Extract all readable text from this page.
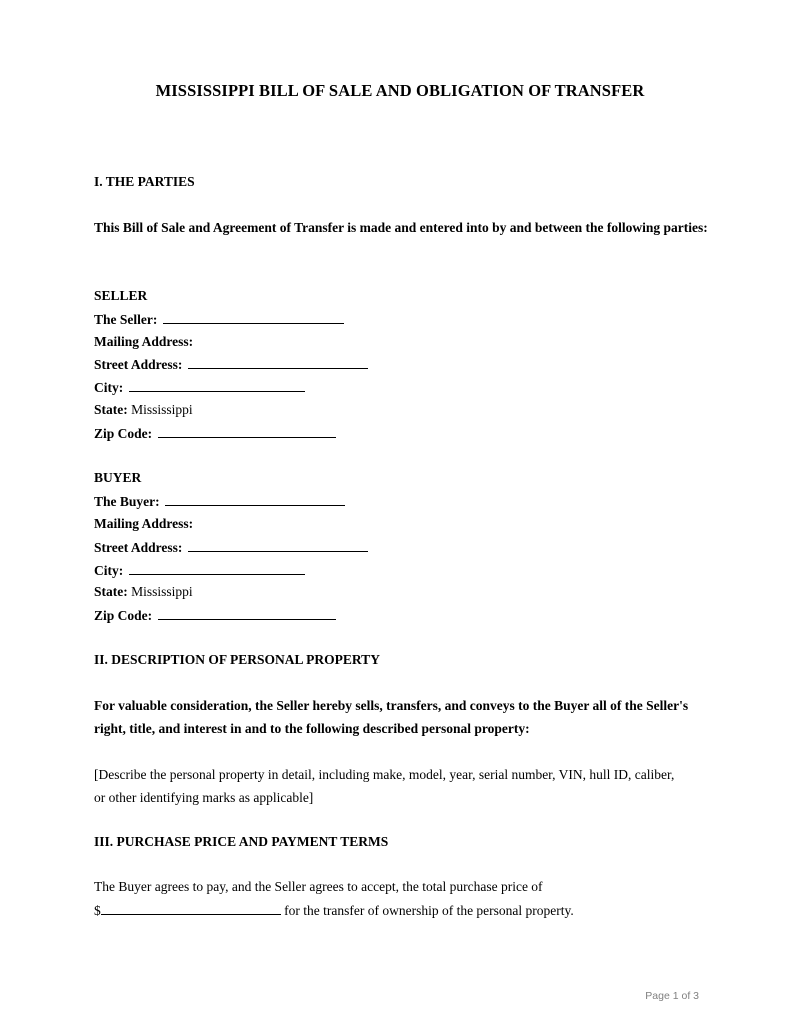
MISSISSIPPI BILL OF SALE AND OBLIGATION OF TRANSFER
I. THE PARTIES
This Bill of Sale and Agreement of Transfer is made and entered into by and between the following parties:
SELLER
The Seller:
Mailing Address:
Street Address:
City:
State: Mississippi
Zip Code:
BUYER
The Buyer:
Mailing Address:
Street Address:
City:
State: Mississippi
Zip Code:
II. DESCRIPTION OF PERSONAL PROPERTY
For valuable consideration, the Seller hereby sells, transfers, and conveys to the Buyer all of the Seller's right, title, and interest in and to the following described personal property:
[Describe the personal property in detail, including make, model, year, serial number, VIN, hull ID, caliber, or other identifying marks as applicable]
III. PURCHASE PRICE AND PAYMENT TERMS
The Buyer agrees to pay, and the Seller agrees to accept, the total purchase price of
$	for the transfer of ownership of the personal property.
Page 1 of 3
